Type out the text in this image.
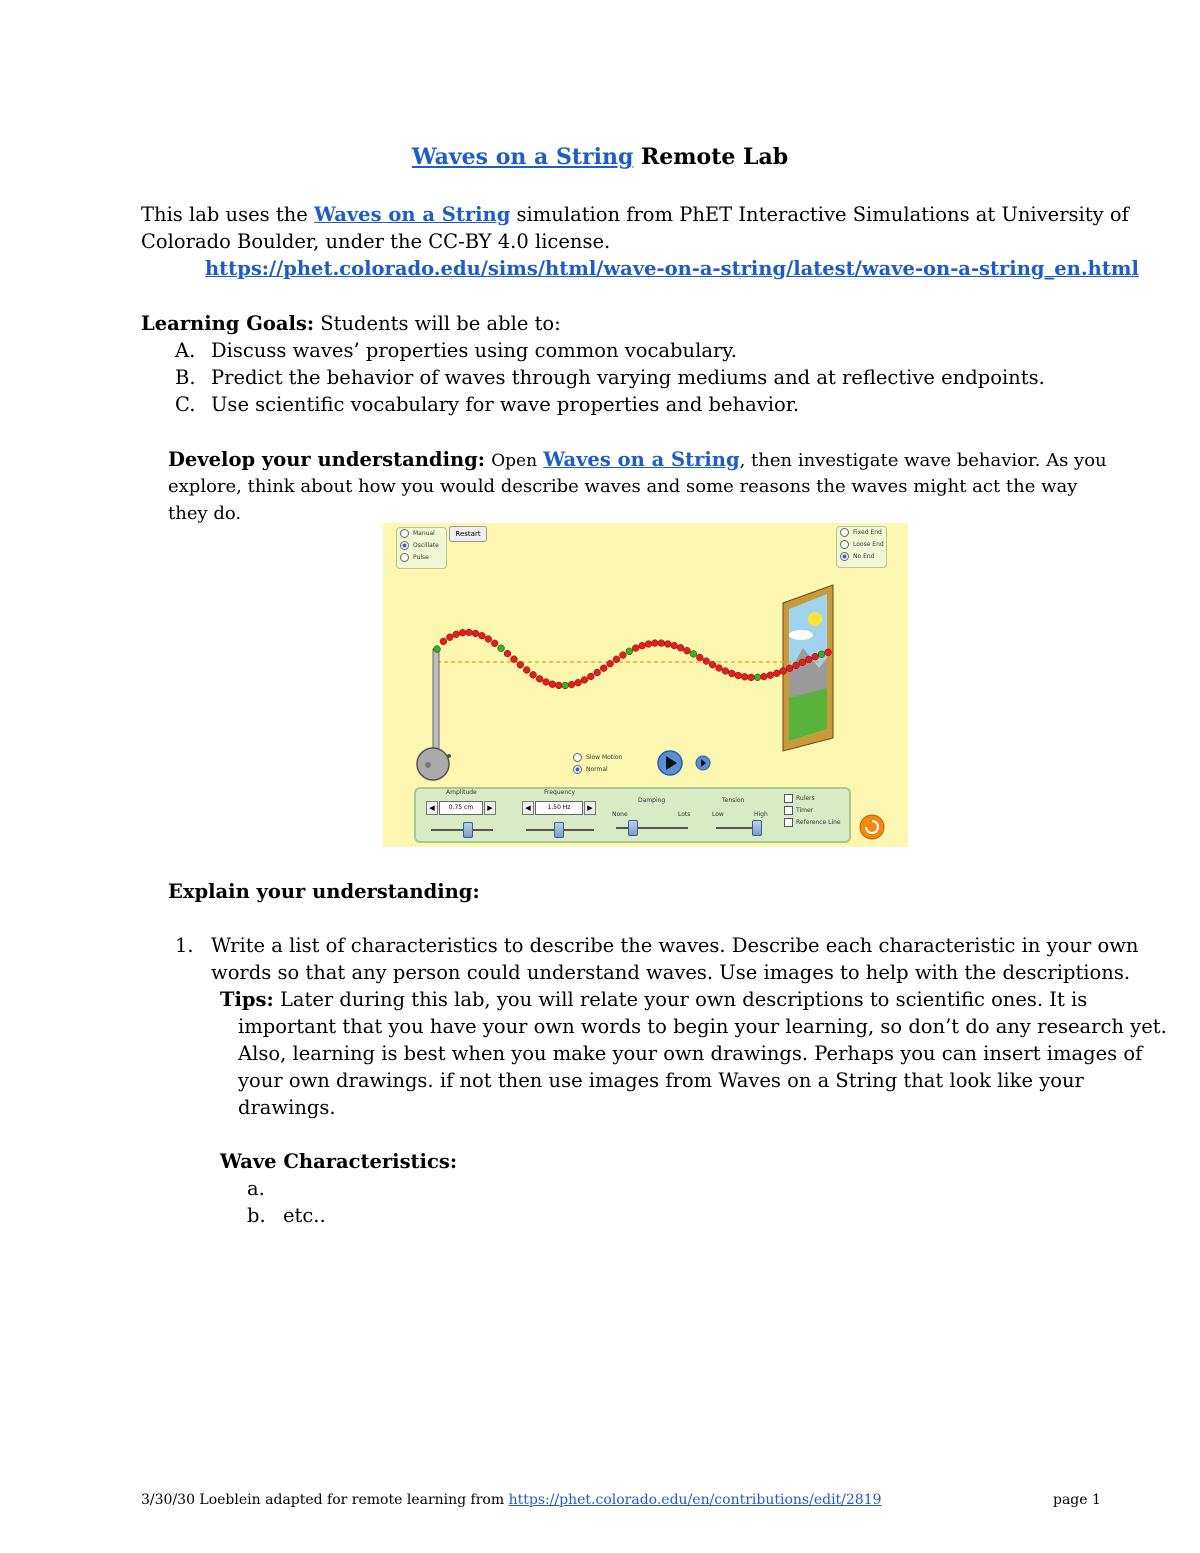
Waves on a String Remote Lab
This lab uses the Waves on a String simulation from PhET Interactive Simulations at University of
Colorado Boulder, under the CC-BY 4.0 license.
https://phet.colorado.edu/sims/html/wave-on-a-string/latest/wave-on-a-string_en.html
Learning Goals: Students will be able to:
A. Discuss waves’ properties using common vocabulary.
B. Predict the behavior of waves through varying mediums and at reflective endpoints.
C. Use scientific vocabulary for wave properties and behavior.
Develop your understanding: Open Waves on a String, then investigate wave behavior. As you
explore, think about how you would describe waves and some reasons the waves might act the way
they do.
Manual
Oscillate
Pulse
Restart	Fixed End
Loose End
No End
Slow Motion
Normal
Amplitude
◀	0.75 cm	▶
Frequency
◀	1.50 Hz	▶
Damping
None	Lots
Tension
Low	High
Rulers
Timer
Reference Line
Explain your understanding:
1. Write a list of characteristics to describe the waves. Describe each characteristic in your own
words so that any person could understand waves. Use images to help with the descriptions.
Tips: Later during this lab, you will relate your own descriptions to scientific ones. It is
important that you have your own words to begin your learning, so don’t do any research yet.
Also, learning is best when you make your own drawings. Perhaps you can insert images of
your own drawings. if not then use images from Waves on a String that look like your
drawings.
Wave Characteristics:
a.
b. etc..
3/30/30 Loeblein adapted for remote learning from https://phet.colorado.edu/en/contributions/edit/2819	page 1
